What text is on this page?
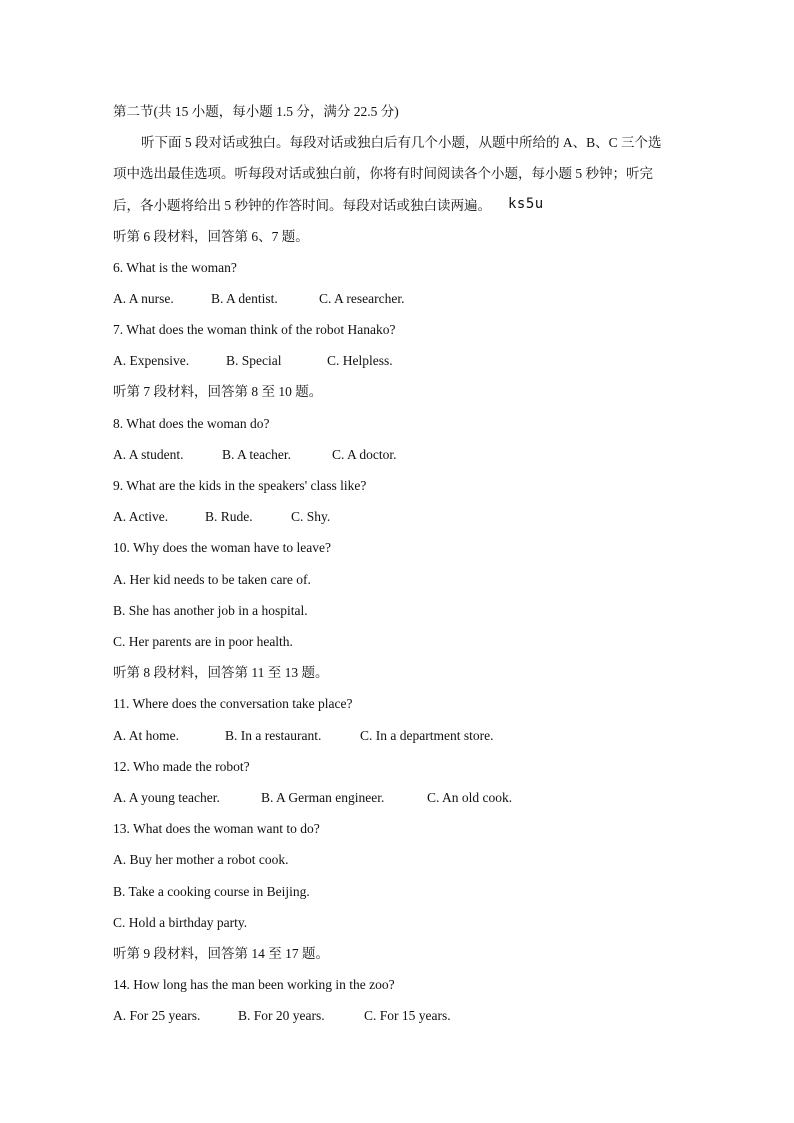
第二节(共 15 小题，每小题 1.5 分，满分 22.5 分)
听下面 5 段对话或独白。每段对话或独白后有几个小题，从题中所给的 A、B、C 三个选
项中选出最佳选项。听每段对话或独白前，你将有时间阅读各个小题，每小题 5 秒钟；听完
后，各小题将给出 5 秒钟的作答时间。每段对话或独白读两遍。 ks5u
听第 6 段材料，回答第 6、7 题。
6. What is the woman?
A. A nurse.	B. A dentist.	C. A researcher.
7. What does the woman think of the robot Hanako?
A. Expensive.	B. Special	C. Helpless.
听第 7 段材料，回答第 8 至 10 题。
8. What does the woman do?
A. A student.	B. A teacher.	C. A doctor.
9. What are the kids in the speakers' class like?
A. Active.	B. Rude.	C. Shy.
10. Why does the woman have to leave?
A. Her kid needs to be taken care of.
B. She has another job in a hospital.
C. Her parents are in poor health.
听第 8 段材料，回答第 11 至 13 题。
11. Where does the conversation take place?
A. At home.	B. In a restaurant.	C. In a department store.
12. Who made the robot?
A. A young teacher.	B. A German engineer.	C. An old cook.
13. What does the woman want to do?
A. Buy her mother a robot cook.
B. Take a cooking course in Beijing.
C. Hold a birthday party.
听第 9 段材料，回答第 14 至 17 题。
14. How long has the man been working in the zoo?
A. For 25 years.	B. For 20 years.	C. For 15 years.
